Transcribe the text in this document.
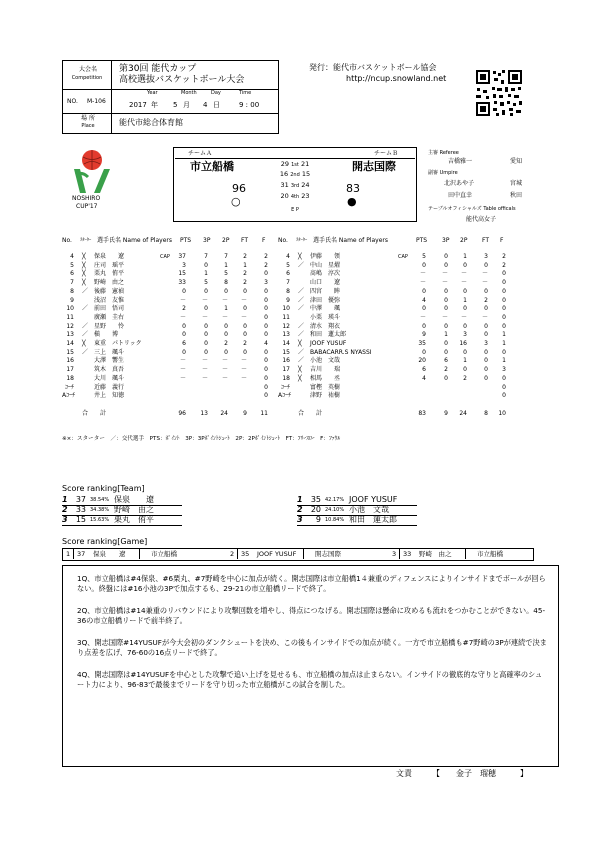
大会名
Competition
第30回 能代カップ
高校選抜バスケットボール大会
NO. M-106
Year	Month	Day	Time
2017 年 5 月 4 日	9 : 00
場 所
Place	能代市総合体育館
発行：能代市バスケットボール協会
http://ncup.snowland.net
NOSHIRO
CUP'17
チームＡ	チームＢ
市立船橋	開志国際
96	83
○	●
29 1st 21
16 2nd 15
31 3rd 24
20 4th 23
E P
主審 Referee
吉橋雅一	愛知
副審 Umpire
北沢あや子	宮城
田中直幸	秋田
テーブルオフィシャルズ Table officals
能代高女子
No. ｽﾀｰﾀｰ 選手氏名 Name of Players PTS 3P 2P FT F No. ｽﾀｰﾀｰ 選手氏名 Name of Players	PTS 3P 2P FT F
4 ╳ 保泉　　遼	CAP	37	7	7	2	2
5 ╳ 庄司　瑶平	3	0	1	1	2
6 ╳ 栗丸　侑平	15	1	5	2	0
7 ╳ 野崎　由之	33	5	8	2	3
8 ／ 後藤　憲禎	0	0	0	0	0
9	浅沼　友惟	－	－	－	－	0
10 ／ 前田　悟司	2	0	1	0	0
11	廣瀬　圭右	－	－	－	－	0
12 ／ 星野　　怜	0	0	0	0	0
13 ／ 槇　　博	0	0	0	0	0
14 ╳ 東重　パトリック	6	0	2	2	4
15 ／ 三上　颯斗	0	0	0	0	0
16	大澤　響生	－	－	－	－	0
17	筑木　真吾	－	－	－	－	0
18	大川　颯斗	－	－	－	－	0
ｺｰﾁ	近藤　義行	0
Aｺｰﾁ	井上　知徳	0
4 ╳ 伊藤　　領	CAP	5	0	1	3	2
5 ／ 中山　星燿	0	0	0	0	2
6	髙嶋　淳次	－	－	－	－	0
7	山口　　遼	－	－	－	－	0
8 ／ 四宮　　眸	0	0	0	0	0
9 ／ 津田　優弥	4	0	1	2	0
10 ／ 中澤　　颯	0	0	0	0	0
11	小栗　瑛斗	－	－	－	－	0
12 ／ 清水　翔衣	0	0	0	0	0
13 ／ 和田　蓮太郎	9	1	3	0	1
14 ╳ JOOF YUSUF	35	0	16	3	1
15 ／ BABACARR.S NYASSI	0	0	0	0	0
16 ／ 小池　文哉	20	6	1	0	1
17 ╳ 吉川　　瑞	6	2	0	0	3
18 ╳ 相馬　　丞	4	0	2	0	0
ｺｰﾁ	富樫　英樹	0
Aｺｰﾁ	津野　祐樹	0
合　　計	96	13	24	9	11	合　　計	83	9	24	8	10
※×：スターター　／：交代選手　PTS：ﾎﾟｲﾝﾄ　3P：3Pﾎﾟｲﾝﾄｼｭｰﾄ　2P：2Pﾎﾟｲﾝﾄｼｭｰﾄ　FT：ﾌﾘｰｽﾛｰ　F：ﾌｧｳﾙ
Score ranking[Team]
1	37 38.54% 保泉　　遼
2	33 34.38% 野崎　由之
3	15 15.63% 栗丸　侑平
1	35 42.17% JOOF YUSUF
2	20 24.10% 小池　文哉
3	9 10.84% 和田　蓮太郎
Score ranking[Game]
1 37 保泉　　遼	市立船橋	2 35 JOOF YUSUF	開志国際	3 33 野崎　由之	市立船橋
1Q、市立船橋は#4保泉、#6栗丸、#7野崎を中心に加点が続く。開志国際は市立船橋1４兼重のディフェンスによりインサイドまでボールが回らない。終盤には#16小池の3Pで加点するも、29-21の市立船橋リードで終了。
2Q、市立船橋は#14兼重のリバウンドにより攻撃回数を増やし、得点につなげる。開志国際は懸命に攻めるも流れをつかむことができない。45-36の市立船橋リードで前半終了。
3Q、開志国際#14YUSUFが今大会初のダンクシュートを決め、この後もインサイドでの加点が続く。一方で市立船橋も#7野崎の3Pが連続で決まり点差を広げ、76-60の16点リードで終了。
4Q、開志国際は#14YUSUFを中心とした攻撃で追い上げを見せるも、市立船橋の加点は止まらない。インサイドの徹底的な守りと高確率のシュート力により、96-83で最後までリードを守り切った市立船橋がこの試合を制した。
文責	【 金子　瑠穂	】
